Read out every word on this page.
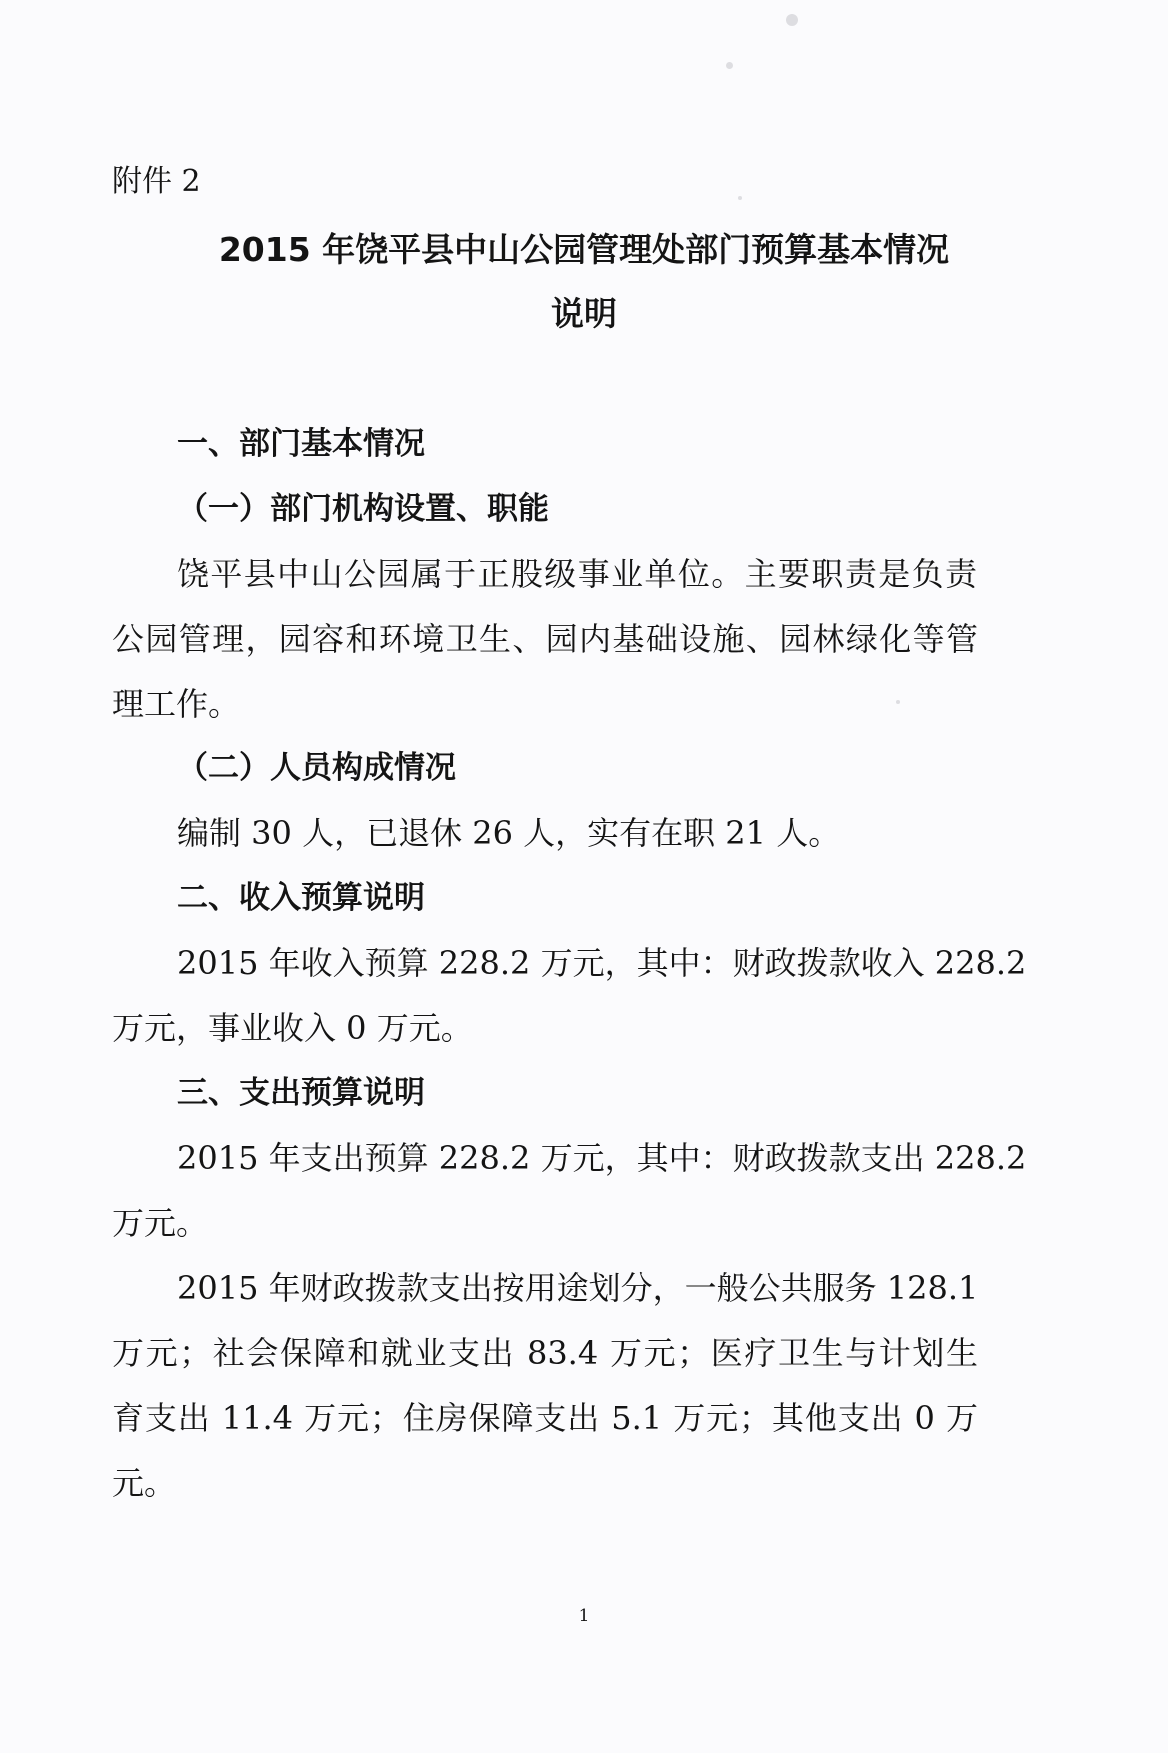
附件 2
2015 年饶平县中山公园管理处部门预算基本情况
说明
一、部门基本情况
（一）部门机构设置、职能
饶平县中山公园属于正股级事业单位。主要职责是负责
公园管理，园容和环境卫生、园内基础设施、园林绿化等管
理工作。
（二）人员构成情况
编制 30 人，已退休 26 人，实有在职 21 人。
二、收入预算说明
2015 年收入预算 228.2 万元，其中：财政拨款收入 228.2
万元，事业收入 0 万元。
三、支出预算说明
2015 年支出预算 228.2 万元，其中：财政拨款支出 228.2
万元。
2015 年财政拨款支出按用途划分，一般公共服务 128.1
万元；社会保障和就业支出 83.4 万元；医疗卫生与计划生
育支出 11.4 万元；住房保障支出 5.1 万元；其他支出 0 万
元。
1
